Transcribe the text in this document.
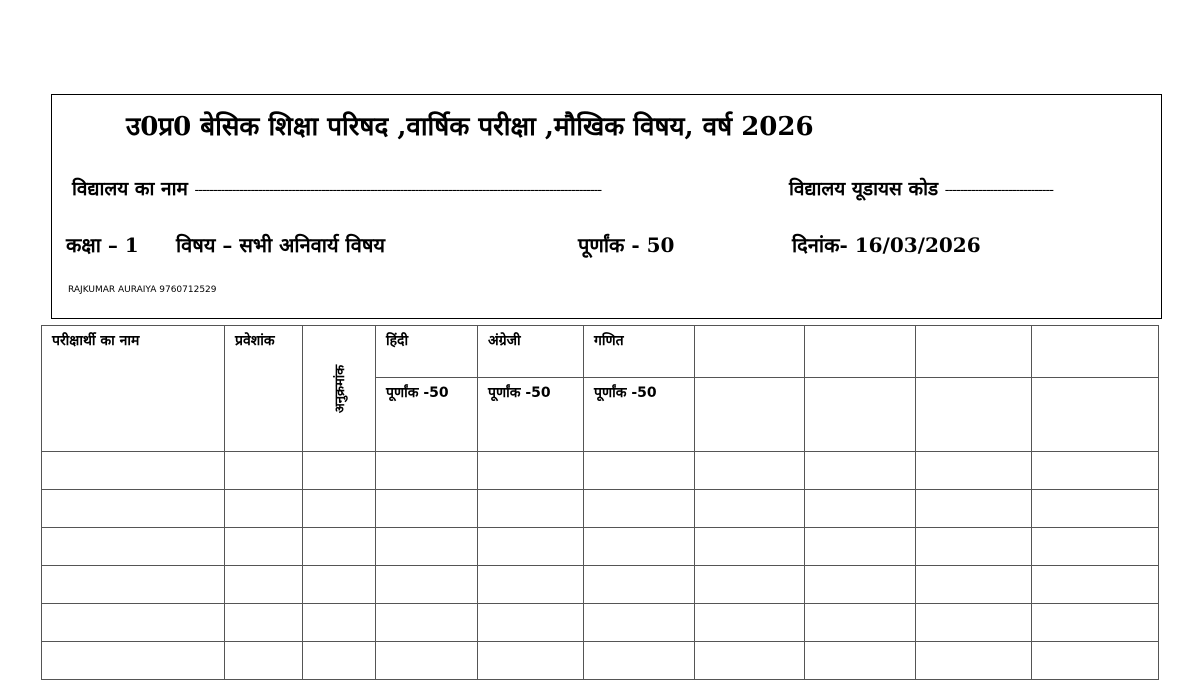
उ0प्र0 बेसिक शिक्षा परिषद ,वार्षिक परीक्षा ,मौखिक विषय, वर्ष 2026
विद्यालय का नाम -------------------------------------------------------------------------------------------------------------	विद्यालय यूडायस कोड -----------------------------
कक्षा – 1 विषय – सभी अनिवार्य विषय	पूर्णांक - 50	दिनांक- 16/03/2026
RAJKUMAR AURAIYA 9760712529
परीक्षार्थी का नाम	प्रवेशांक	अनुक्रमांक	हिंदी	अंग्रेजी	गणित				
			पूर्णांक -50	पूर्णांक -50	पूर्णांक -50				
